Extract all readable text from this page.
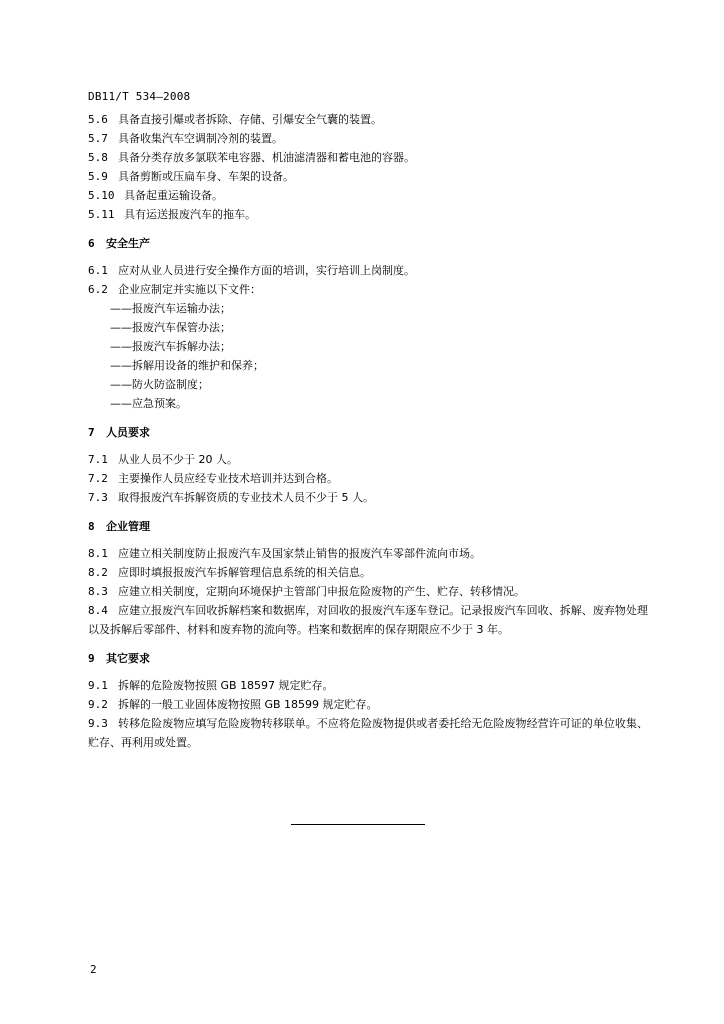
DB11/T 534—2008

5.6 具备直接引爆或者拆除、存储、引爆安全气囊的装置。

5.7 具备收集汽车空调制冷剂的装置。

5.8 具备分类存放多氯联苯电容器、机油滤清器和蓄电池的容器。

5.9 具备剪断或压扁车身、车架的设备。

5.10 具备起重运输设备。

5.11 具有运送报废汽车的拖车。

6 安全生产

6.1 应对从业人员进行安全操作方面的培训，实行培训上岗制度。

6.2 企业应制定并实施以下文件：

——报废汽车运输办法；

——报废汽车保管办法；

——报废汽车拆解办法；

——拆解用设备的维护和保养；

——防火防盗制度；

——应急预案。

7 人员要求

7.1 从业人员不少于 20 人。

7.2 主要操作人员应经专业技术培训并达到合格。

7.3 取得报废汽车拆解资质的专业技术人员不少于 5 人。

8 企业管理

8.1 应建立相关制度防止报废汽车及国家禁止销售的报废汽车零部件流向市场。

8.2 应即时填报报废汽车拆解管理信息系统的相关信息。

8.3 应建立相关制度，定期向环境保护主管部门申报危险废物的产生、贮存、转移情况。

8.4 应建立报废汽车回收拆解档案和数据库，对回收的报废汽车逐车登记。记录报废汽车回收、拆解、废弃物处理以及拆解后零部件、材料和废弃物的流向等。档案和数据库的保存期限应不少于 3 年。

9 其它要求

9.1 拆解的危险废物按照 GB 18597 规定贮存。

9.2 拆解的一般工业固体废物按照 GB 18599 规定贮存。

9.3 转移危险废物应填写危险废物转移联单。不应将危险废物提供或者委托给无危险废物经营许可证的单位收集、贮存、再利用或处置。

2
